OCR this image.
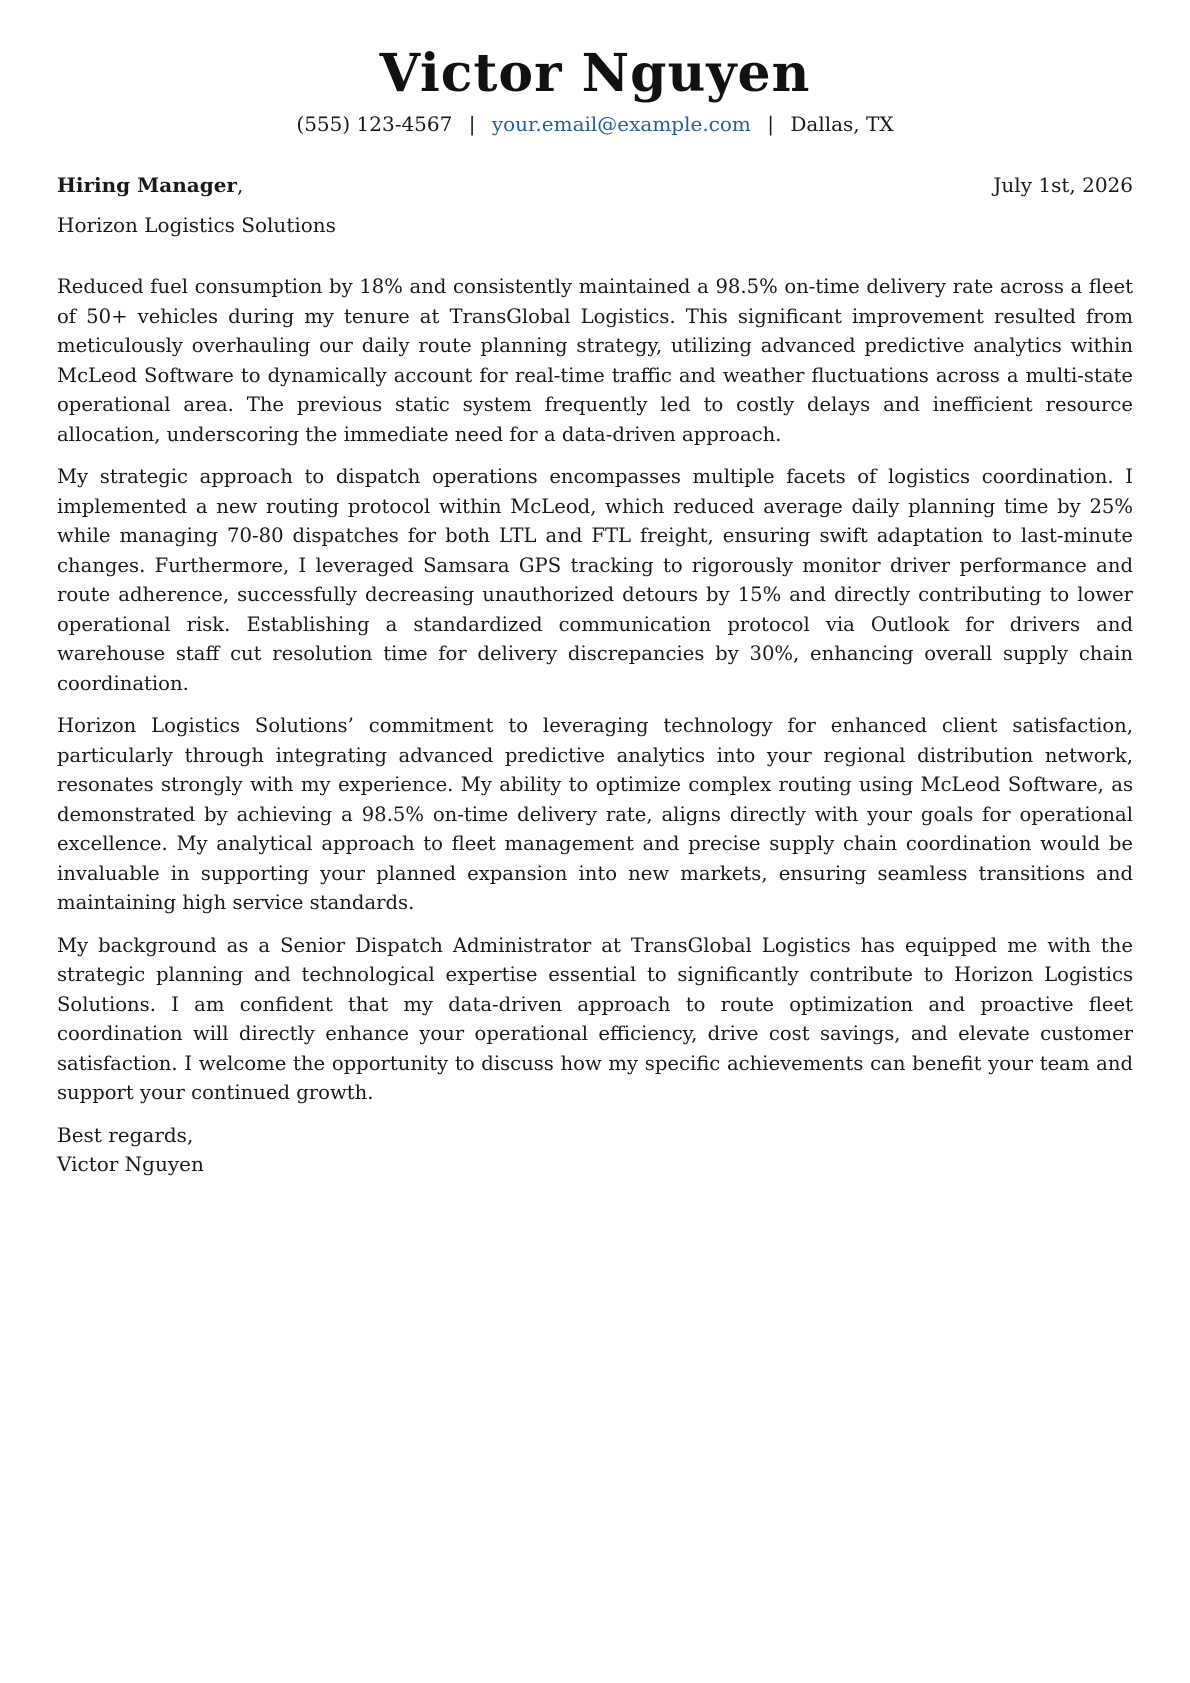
Victor Nguyen
(555) 123-4567 | your.email@example.com | Dallas, TX
Hiring Manager,	July 1st, 2026
Horizon Logistics Solutions

Reduced fuel consumption by 18% and consistently maintained a 98.5% on-time delivery rate across a fleet of 50+ vehicles during my tenure at TransGlobal Logistics. This significant improvement resulted from meticulously overhauling our daily route planning strategy, utilizing advanced predictive analytics within McLeod Software to dynamically account for real-time traffic and weather fluctuations across a multi-state operational area. The previous static system frequently led to costly delays and inefficient resource allocation, underscoring the immediate need for a data-driven approach.

My strategic approach to dispatch operations encompasses multiple facets of logistics coordination. I implemented a new routing protocol within McLeod, which reduced average daily planning time by 25% while managing 70-80 dispatches for both LTL and FTL freight, ensuring swift adaptation to last-minute changes. Furthermore, I leveraged Samsara GPS tracking to rigorously monitor driver performance and route adherence, successfully decreasing unauthorized detours by 15% and directly contributing to lower operational risk. Establishing a standardized communication protocol via Outlook for drivers and warehouse staff cut resolution time for delivery discrepancies by 30%, enhancing overall supply chain coordination.

Horizon Logistics Solutions’ commitment to leveraging technology for enhanced client satisfaction, particularly through integrating advanced predictive analytics into your regional distribution network, resonates strongly with my experience. My ability to optimize complex routing using McLeod Software, as demonstrated by achieving a 98.5% on-time delivery rate, aligns directly with your goals for operational excellence. My analytical approach to fleet management and precise supply chain coordination would be invaluable in supporting your planned expansion into new markets, ensuring seamless transitions and maintaining high service standards.

My background as a Senior Dispatch Administrator at TransGlobal Logistics has equipped me with the strategic planning and technological expertise essential to significantly contribute to Horizon Logistics Solutions. I am confident that my data-driven approach to route optimization and proactive fleet coordination will directly enhance your operational efficiency, drive cost savings, and elevate customer satisfaction. I welcome the opportunity to discuss how my specific achievements can benefit your team and support your continued growth.

Best regards,
Victor Nguyen
